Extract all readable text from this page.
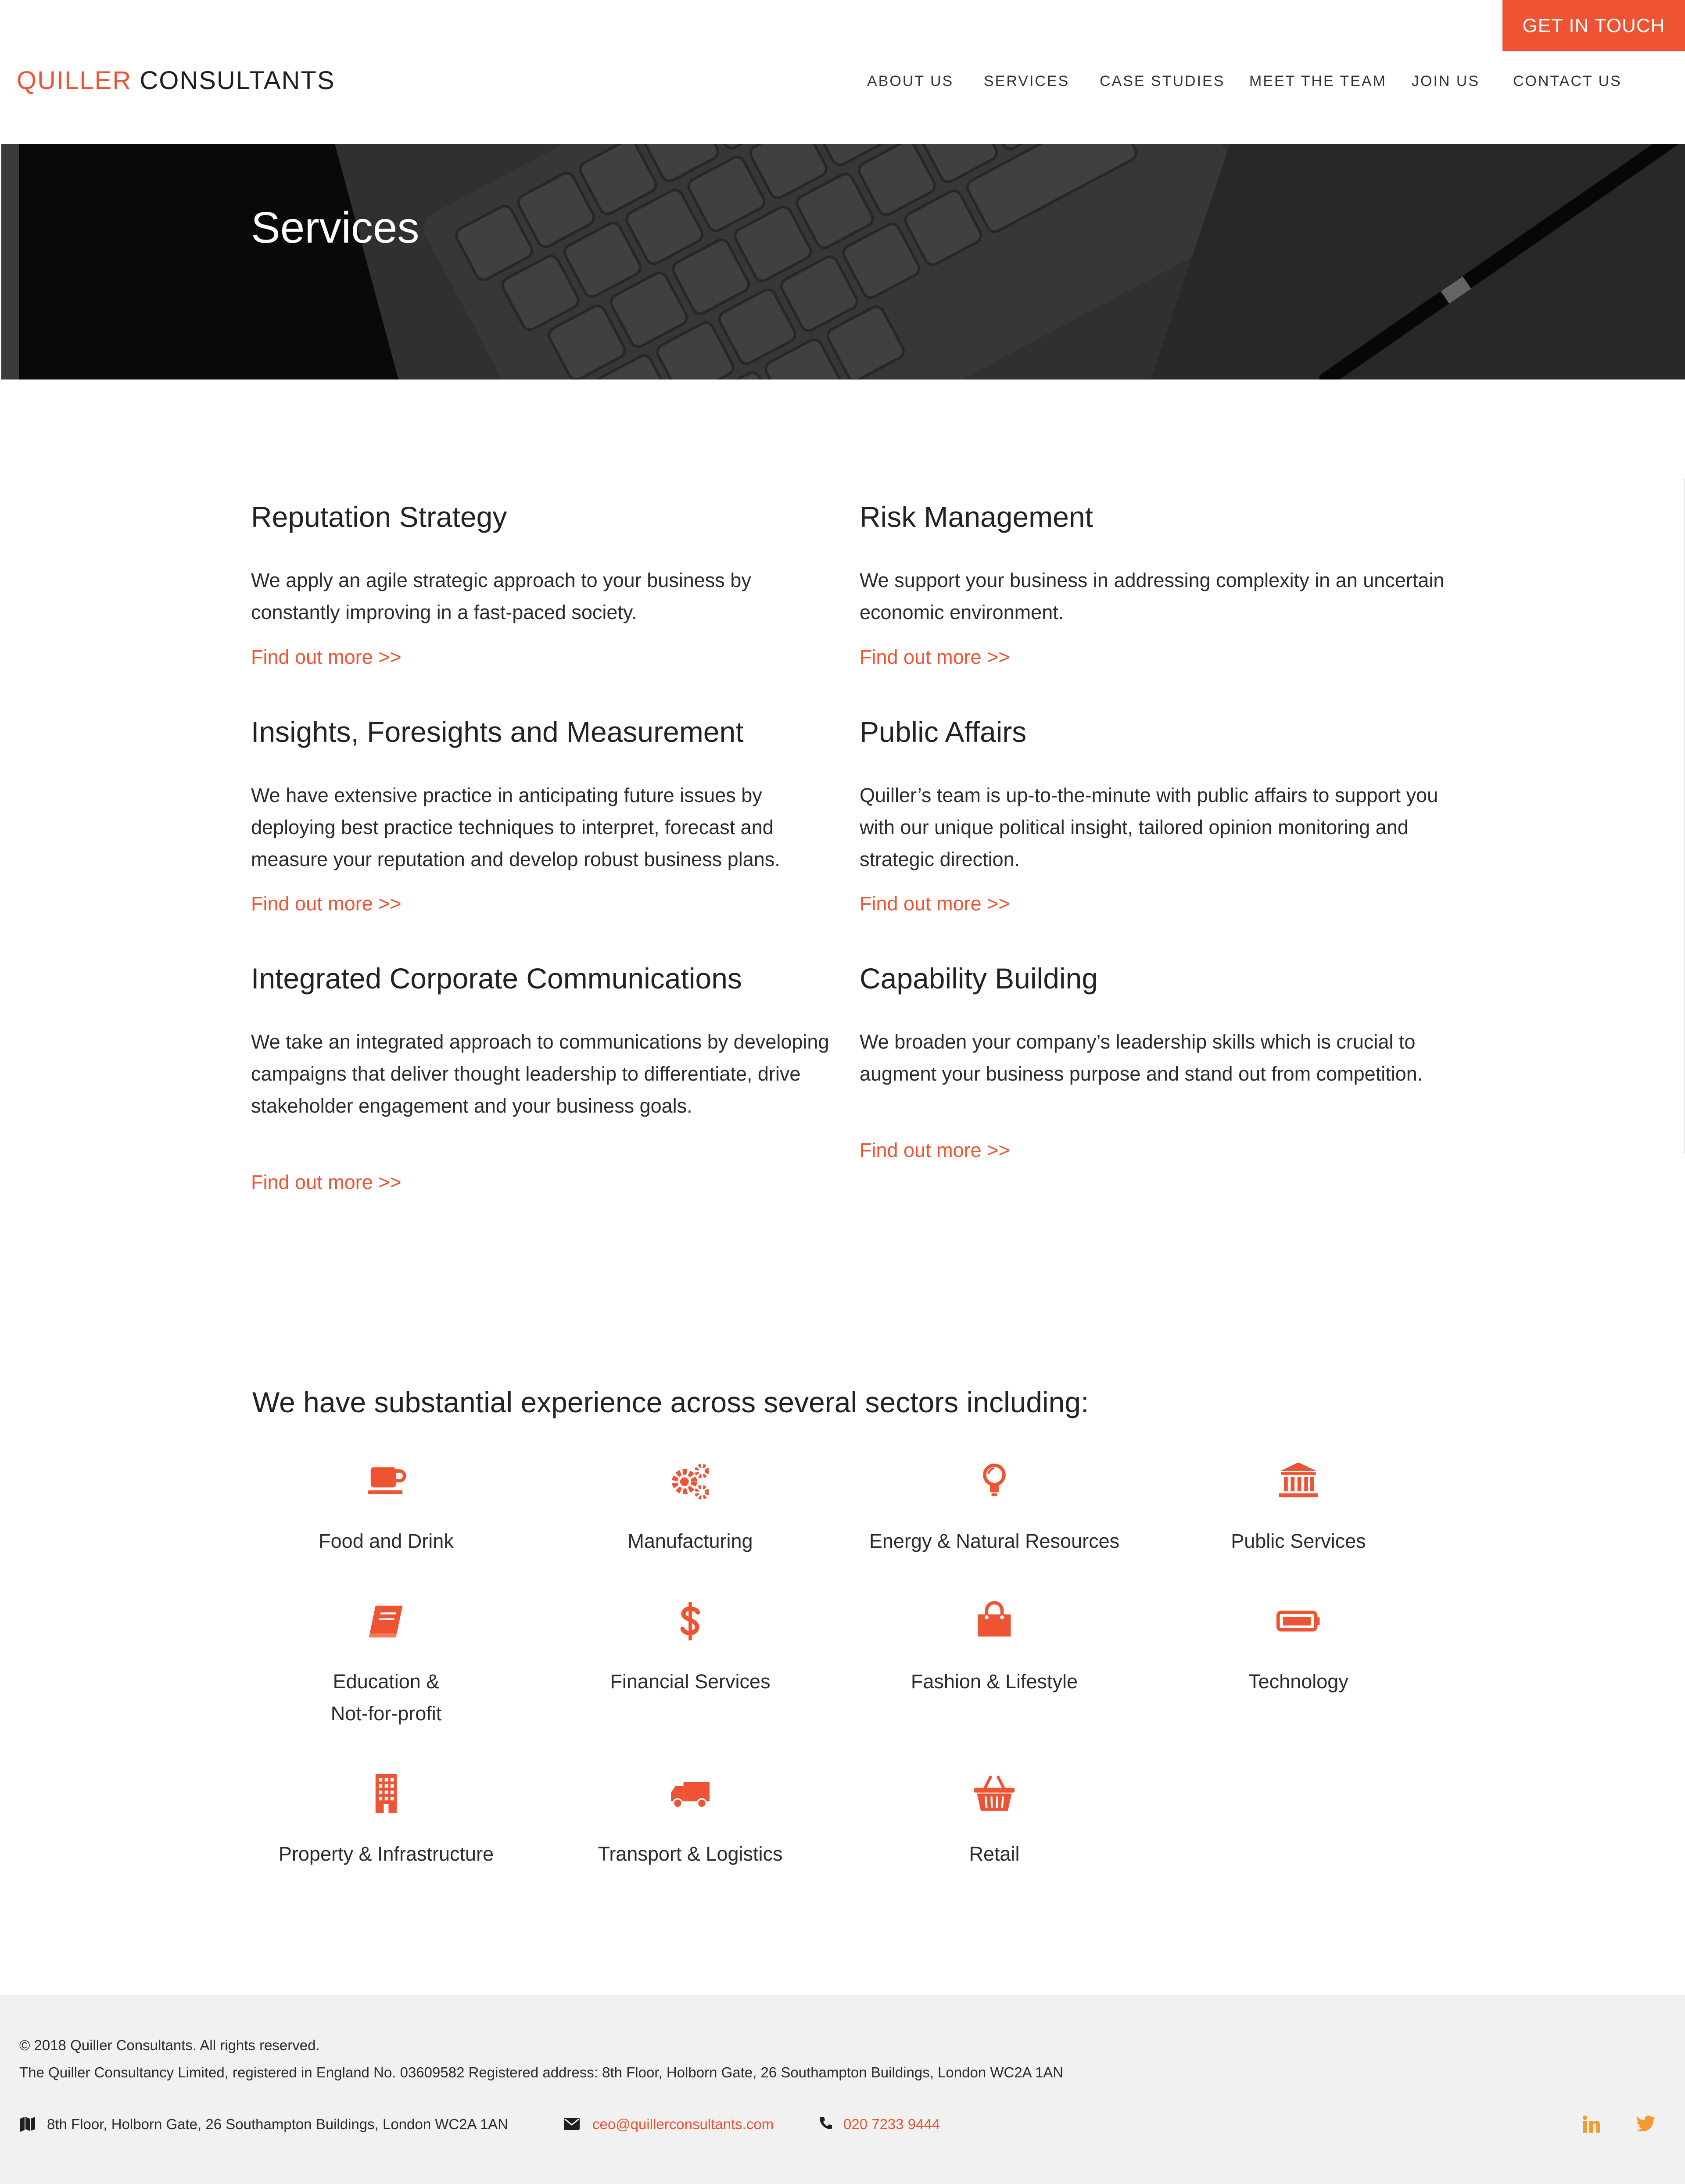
GET IN TOUCH
QUILLER CONSULTANTS	ABOUT US SERVICES CASE STUDIES MEET THE TEAM JOIN US CONTACT US
Services
Reputation Strategy
We apply an agile strategic approach to your business by constantly improving in a fast-paced society.
Find out more >>
Risk Management
We support your business in addressing complexity in an uncertain economic environment.
Find out more >>
Insights, Foresights and Measurement
We have extensive practice in anticipating future issues by deploying best practice techniques to interpret, forecast and measure your reputation and develop robust business plans.
Find out more >>
Public Affairs
Quiller’s team is up-to-the-minute with public affairs to support you with our unique political insight, tailored opinion monitoring and strategic direction.
Find out more >>
Integrated Corporate Communications
We take an integrated approach to communications by developing campaigns that deliver thought leadership to differentiate, drive stakeholder engagement and your business goals.
Find out more >>
Capability Building
We broaden your company’s leadership skills which is crucial to augment your business purpose and stand out from competition.
Find out more >>
We have substantial experience across several sectors including:
Food and Drink	Manufacturing	Energy & Natural Resources	Public Services
Education &
Not-for-profit
Financial Services	Fashion & Lifestyle	Technology
Property & Infrastructure	Transport & Logistics	Retail
© 2018 Quiller Consultants. All rights reserved.
The Quiller Consultancy Limited, registered in England No. 03609582 Registered address: 8th Floor, Holborn Gate, 26 Southampton Buildings, London WC2A 1AN
8th Floor, Holborn Gate, 26 Southampton Buildings, London WC2A 1AN	ceo@quillerconsultants.com	020 7233 9444
